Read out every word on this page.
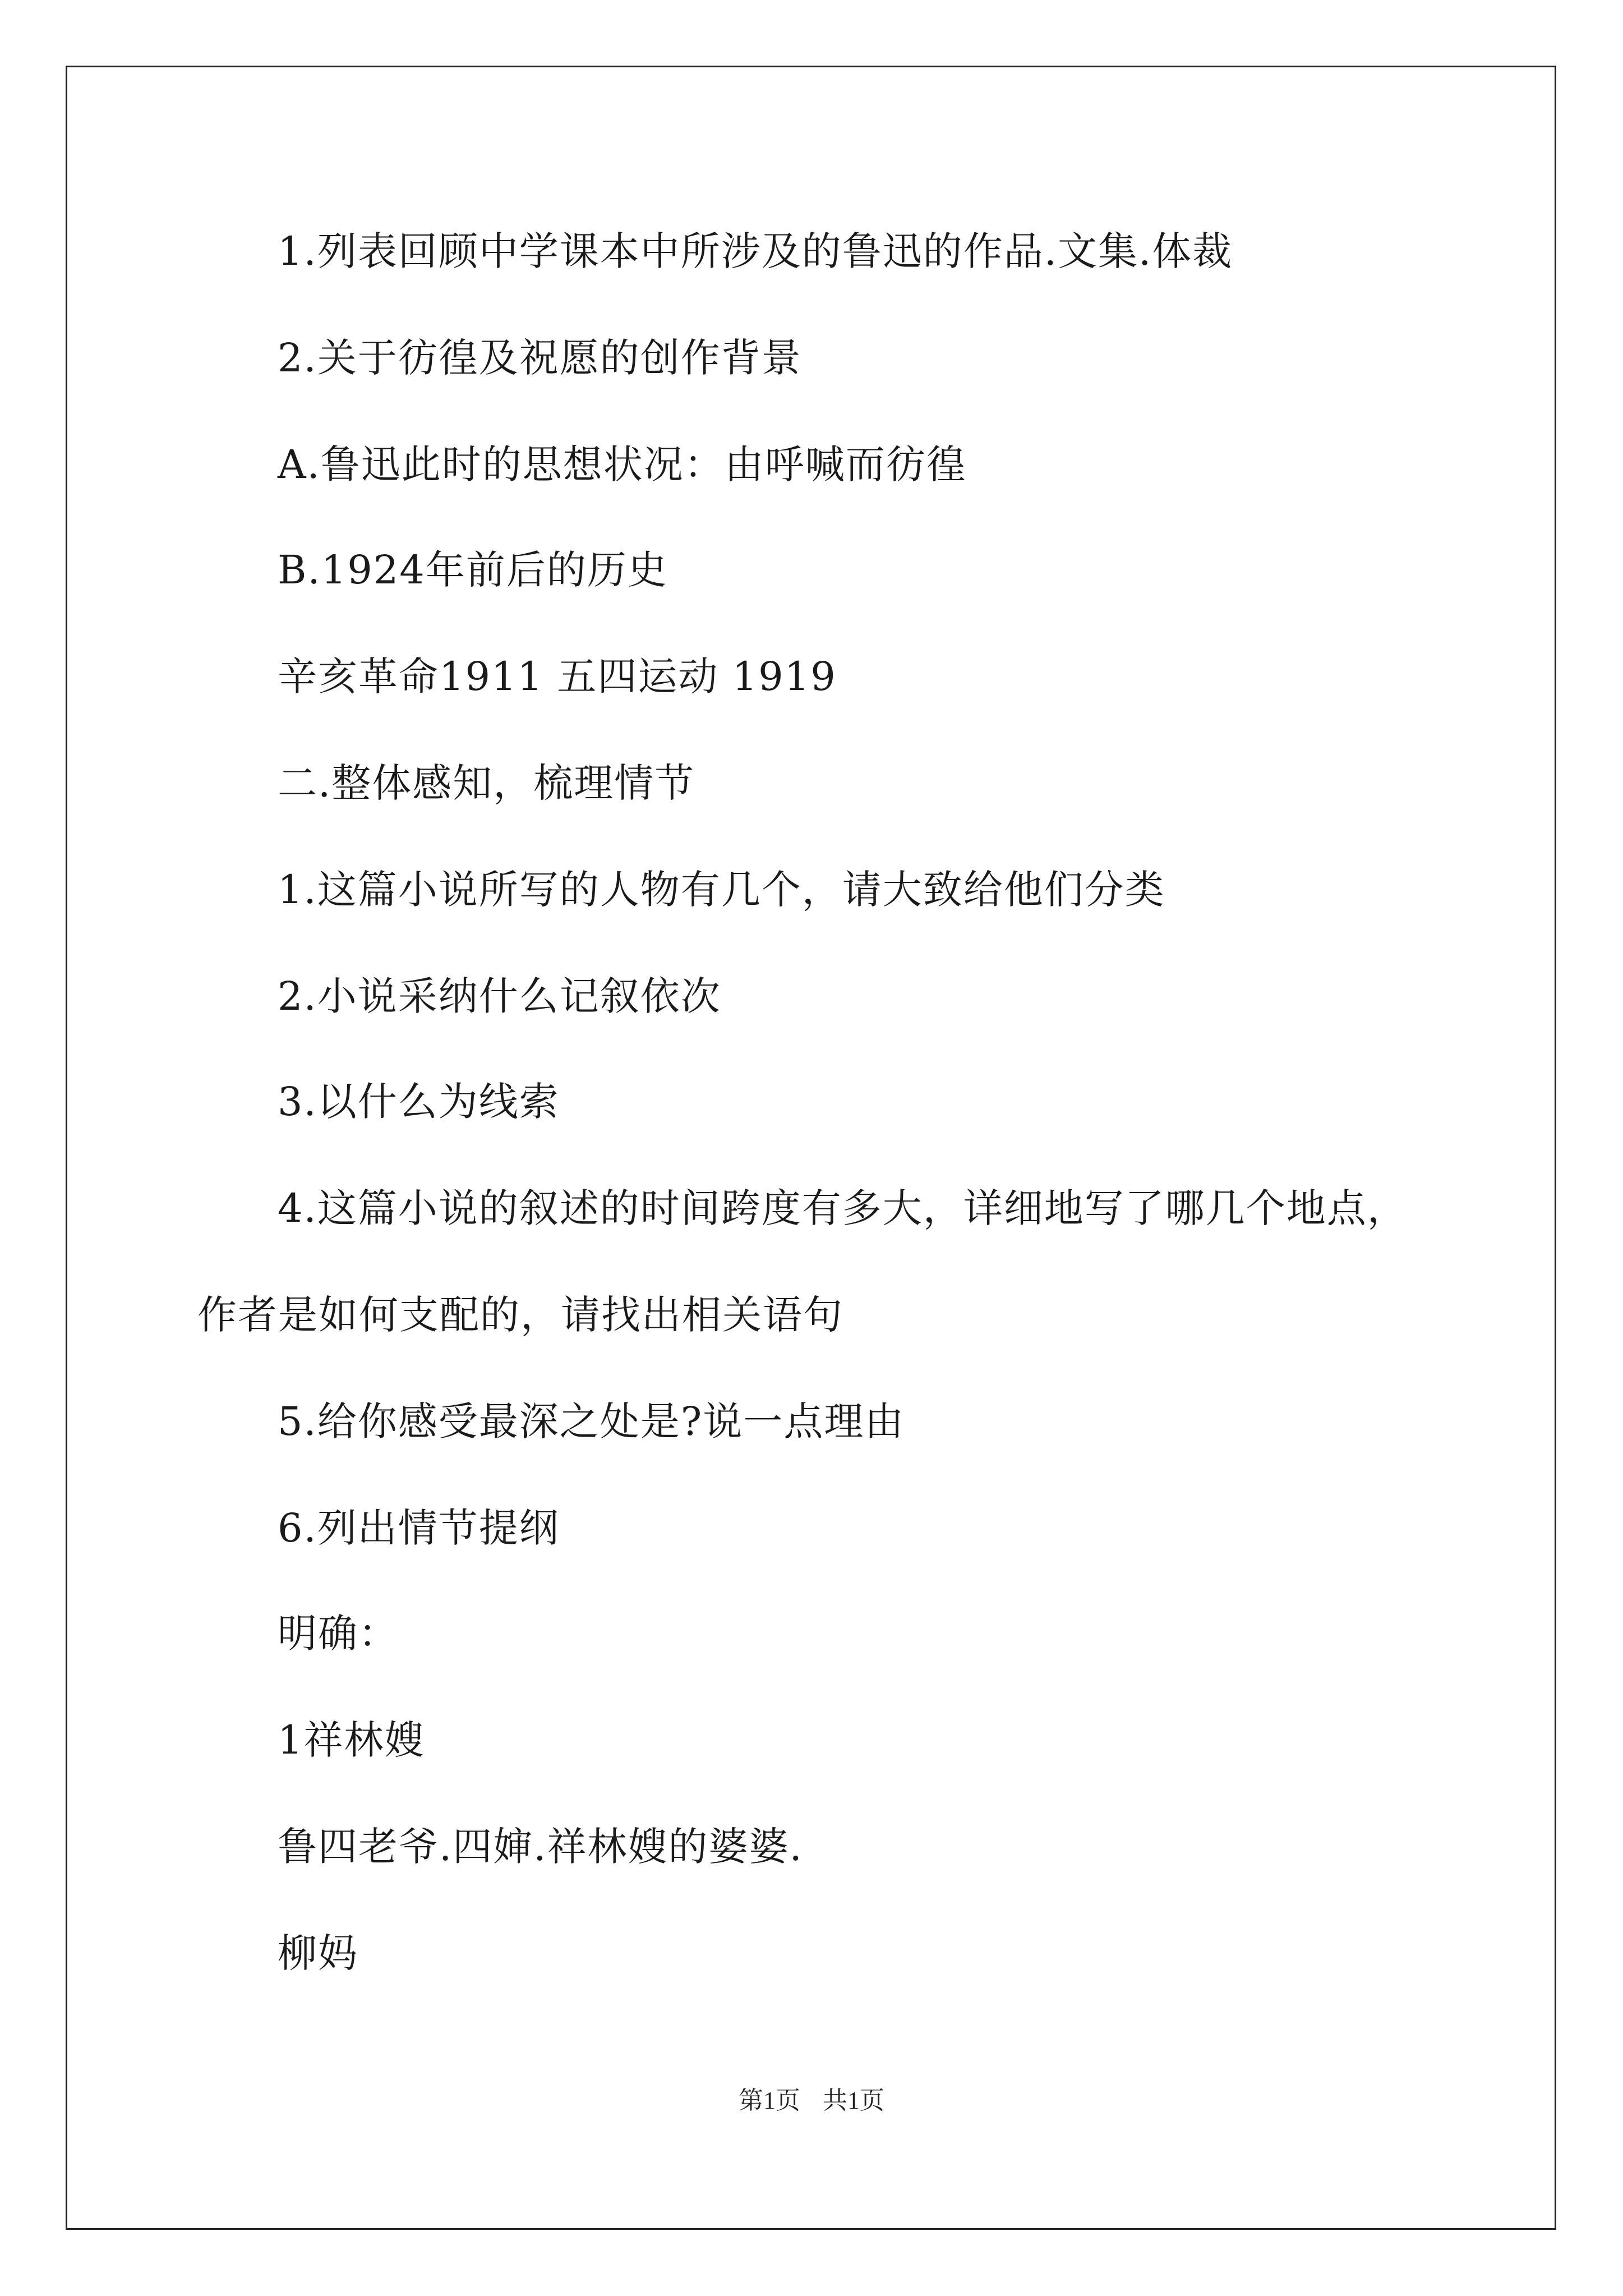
1.列表回顾中学课本中所涉及的鲁迅的作品.文集.体裁
2.关于彷徨及祝愿的创作背景
A.鲁迅此时的思想状况：由呼喊而彷徨
B.1924年前后的历史
辛亥革命1911 五四运动 1919
二.整体感知，梳理情节
1.这篇小说所写的人物有几个，请大致给他们分类
2.小说采纳什么记叙依次
3.以什么为线索
4.这篇小说的叙述的时间跨度有多大，详细地写了哪几个地点，
作者是如何支配的，请找出相关语句
5.给你感受最深之处是?说一点理由
6.列出情节提纲
明确：
1祥林嫂
鲁四老爷.四婶.祥林嫂的婆婆.
柳妈
第1页 共1页
